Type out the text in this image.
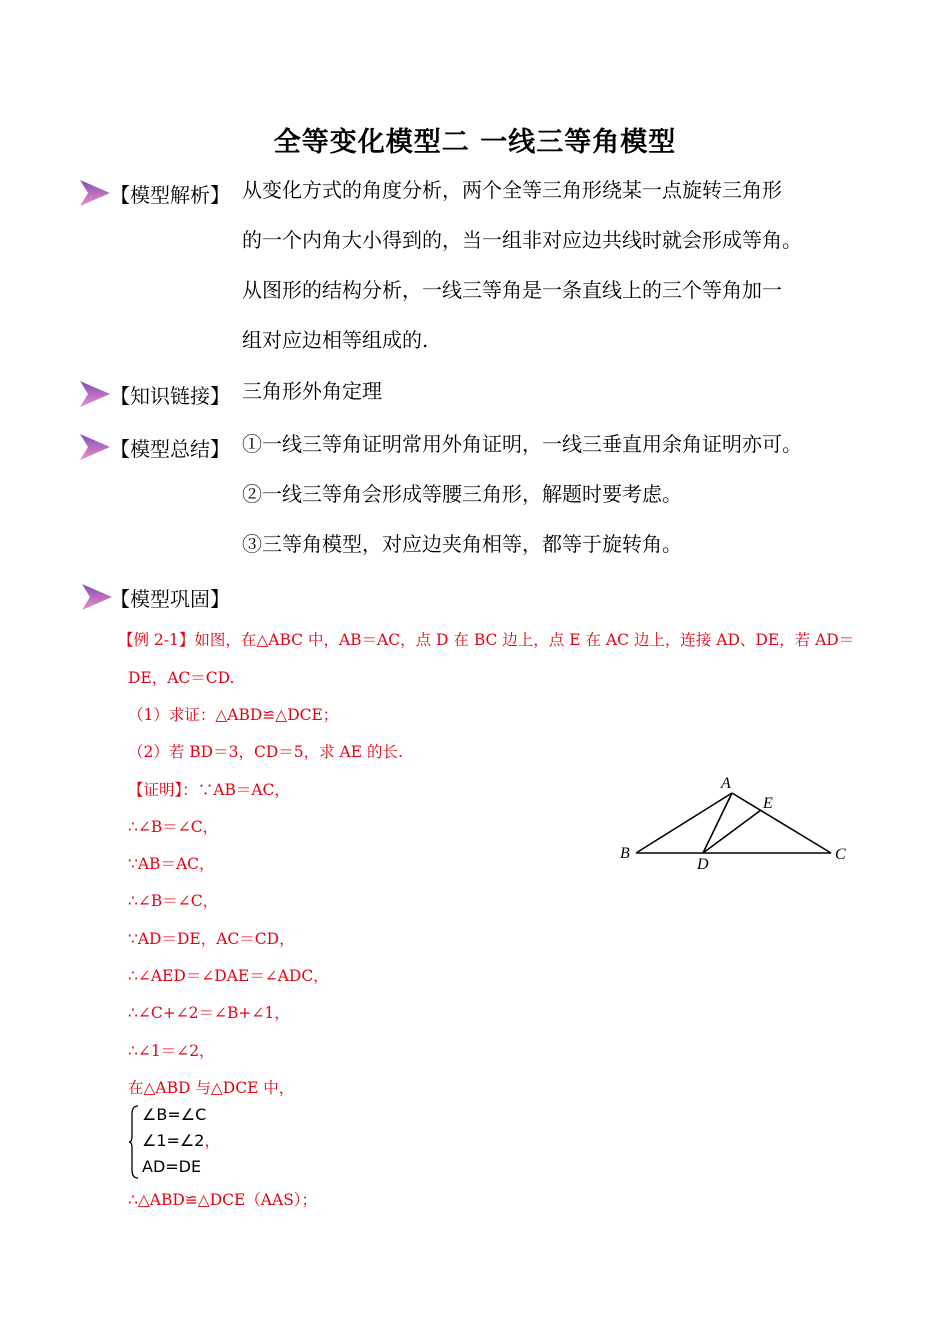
全等变化模型二 一线三等角模型
【模型解析】 从变化方式的角度分析，两个全等三角形绕某一点旋转三角形
的一个内角大小得到的，当一组非对应边共线时就会形成等角。
从图形的结构分析，一线三等角是一条直线上的三个等角加一
组对应边相等组成的.
【知识链接】 三角形外角定理
【模型总结】 ①一线三等角证明常用外角证明，一线三垂直用余角证明亦可。
②一线三等角会形成等腰三角形，解题时要考虑。
③三等角模型，对应边夹角相等，都等于旋转角。
【模型巩固】
【例 2-1】如图，在△ABC 中，AB＝AC，点 D 在 BC 边上，点 E 在 AC 边上，连接 AD、DE，若 AD＝
DE，AC＝CD.
（1）求证：△ABD≌△DCE；
（2）若 BD＝3，CD＝5，求 AE 的长.
【证明】：∵AB＝AC，
∴∠B＝∠C，
∵AB＝AC，
∴∠B＝∠C，
∵AD＝DE，AC＝CD，
∴∠AED＝∠DAE＝∠ADC，
∴∠C+∠2＝∠B+∠1，
∴∠1＝∠2，
在△ABD 与△DCE 中，
∠B=∠C
∠1=∠2，
AD=DE
∴△ABD≌△DCE（AAS）；
A
E
B
D
C
